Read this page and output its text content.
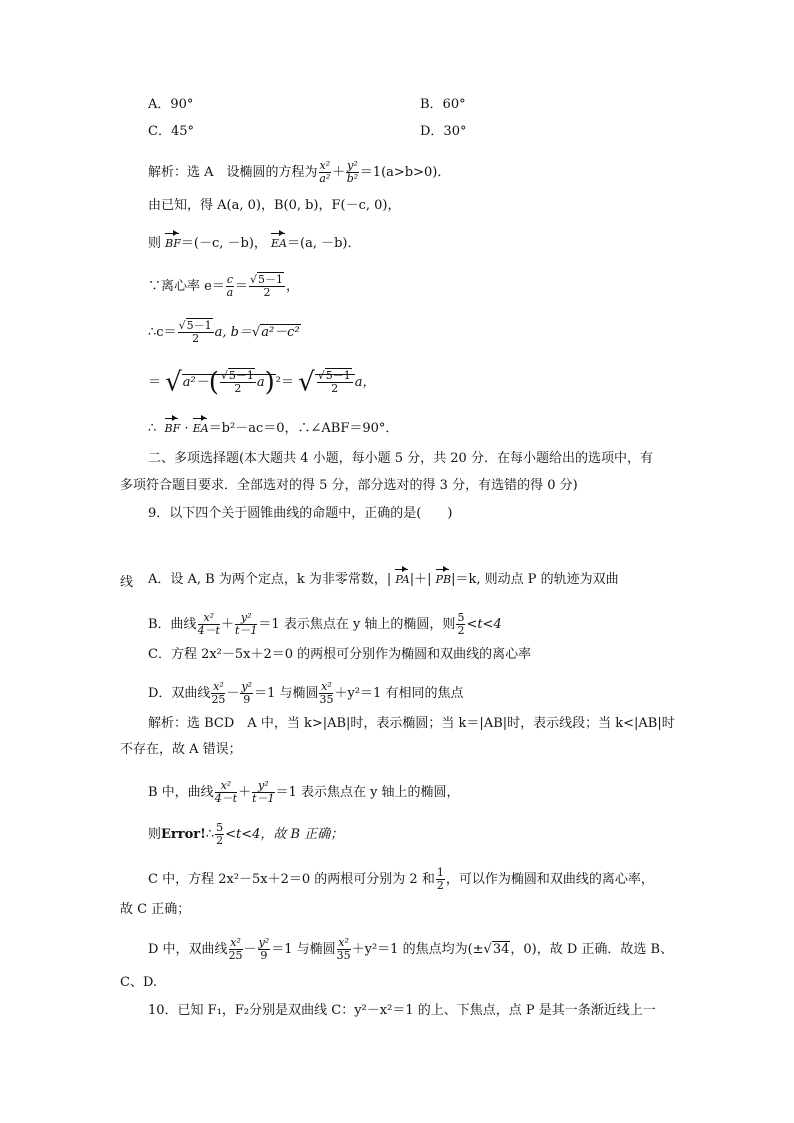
A．90°	B．60°
C．45°	D．30°
解析：选 A　设椭圆的方程为 $\frac{\text{x²}}{\text{a²}} + \frac{\text{y²}}{\text{b²}} =1(a>b>0)$．
由已知，得 A(a, 0)，B(0, b)，F(－c, 0)，
则 BF＝(－c, －b)， EA＝(a, －b)．
∵离心率 $e= \frac{c}{a} = \frac{√5-1}{2}$ ，
∴c＝ $\frac{√5-1}{2} a$, b＝√a²－c²
＝ $√a^2-( \frac{√5-1}{2} a)^2=$ √ $\frac{√5-1}{2}$ a，
∴ BF · EA＝b²－ac＝0，∴∠ABF＝90°．
二、多项选择题(本大题共 4 小题，每小题 5 分，共 20 分．在每小题给出的选项中，有
多项符合题目要求．全部选对的得 5 分，部分选对的得 3 分，有选错的得 0 分)
9．以下四个关于圆锥曲线的命题中，正确的是(　　)
A．设 A, B 为两个定点，k 为非零常数，| PA|＋| PB|＝k, 则动点 P 的轨迹为双曲
线
B．曲线 $\frac{\text{x²}}{4-t} + \frac{\text{y²}}{t-1} =1$ 表示焦点在 y 轴上的椭圆，则 $\frac{5}{2} <t<4$
C．方程 2x²－5x＋2＝0 的两根可分别作为椭圆和双曲线的离心率
D．双曲线 $\frac{\text{x²}}{25} - \frac{\text{y²}}{9} =1$ 与椭圆 $\frac{\text{x²}}{35} +y^2=1$ 有相同的焦点
解析：选 BCD　A 中，当 k>|AB|时，表示椭圆；当 k＝|AB|时，表示线段；当 k<|AB|时
不存在，故 A 错误；
B 中，曲线 $\frac{\text{x²}}{4-t} + \frac{\text{y²}}{t-1} =1$ 表示焦点在 y 轴上的椭圆，
则Error!∴ $\frac{5}{2} <t<4$，故 B 正确；
C 中，方程 2x²－5x＋2＝0 的两根可分别为 2 和 $\frac{1}{2}$ ，可以作为椭圆和双曲线的离心率，
故 C 正确；
D 中，双曲线 $\frac{\text{x²}}{25} - \frac{\text{y²}}{9} =1$ 与椭圆 $\frac{\text{x²}}{35} +y^2=1$ 的焦点均为(±√34，0)，故 D 正确．故选 B、
C、D.
10．已知 F₁，F₂分别是双曲线 C：y²－x²＝1 的上、下焦点，点 P 是其一条渐近线上一
